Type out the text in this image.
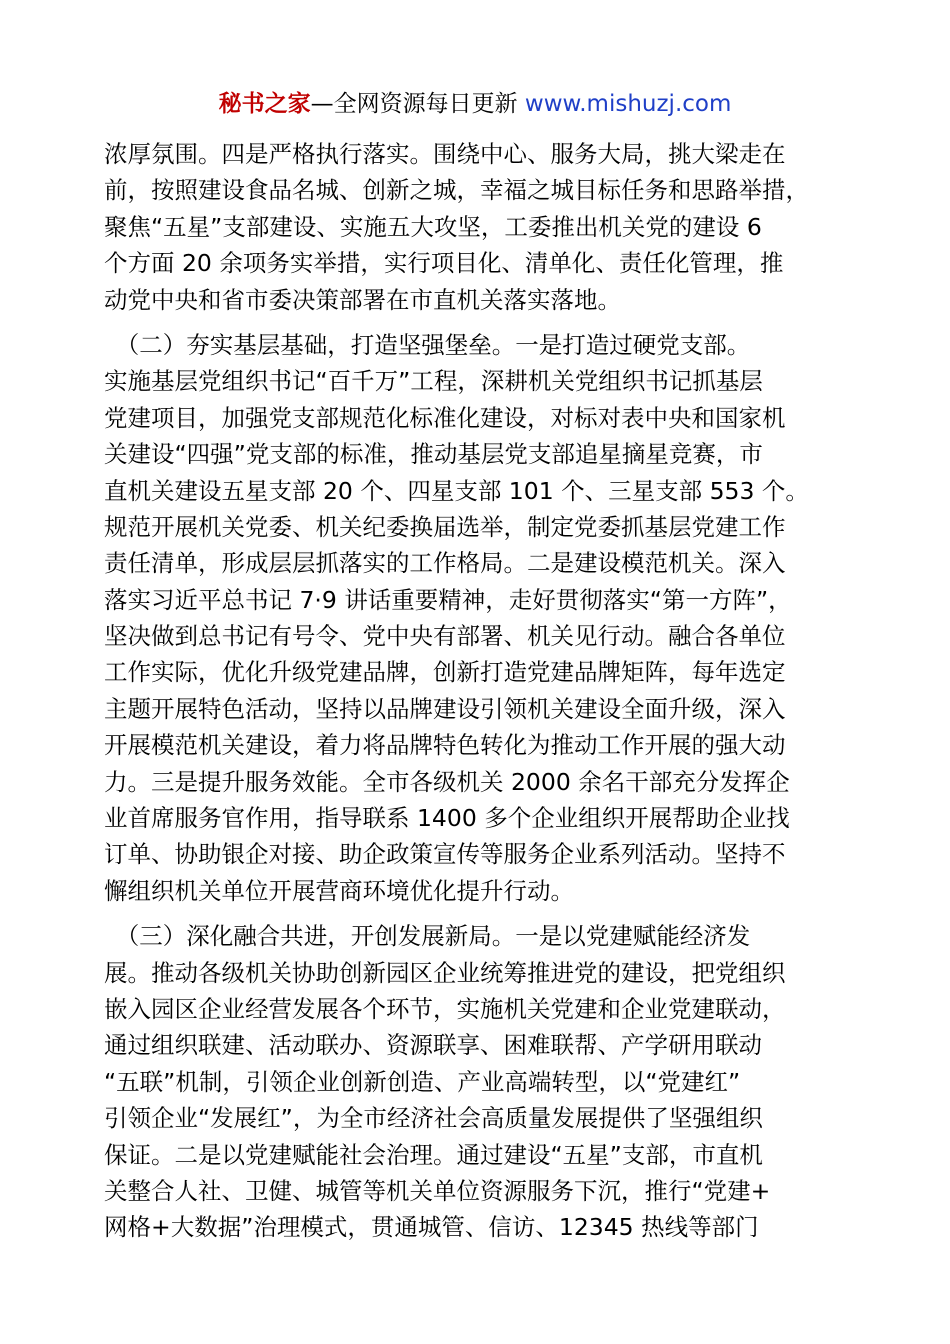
秘书之家—全网资源每日更新 www.mishuzj.com
浓厚氛围。四是严格执行落实。围绕中心、服务大局，挑大梁走在
前，按照建设食品名城、创新之城，幸福之城目标任务和思路举措，
聚焦“五星”支部建设、实施五大攻坚，工委推出机关党的建设 6
个方面 20 余项务实举措，实行项目化、清单化、责任化管理，推
动党中央和省市委决策部署在市直机关落实落地。
　（二）夯实基层基础，打造坚强堡垒。一是打造过硬党支部。
实施基层党组织书记“百千万”工程，深耕机关党组织书记抓基层
党建项目，加强党支部规范化标准化建设，对标对表中央和国家机
关建设“四强”党支部的标准，推动基层党支部追星摘星竞赛，市
直机关建设五星支部 20 个、四星支部 101 个、三星支部 553 个。
规范开展机关党委、机关纪委换届选举，制定党委抓基层党建工作
责任清单，形成层层抓落实的工作格局。二是建设模范机关。深入
落实习近平总书记 7·9 讲话重要精神，走好贯彻落实“第一方阵”，
坚决做到总书记有号令、党中央有部署、机关见行动。融合各单位
工作实际，优化升级党建品牌，创新打造党建品牌矩阵，每年选定
主题开展特色活动，坚持以品牌建设引领机关建设全面升级，深入
开展模范机关建设，着力将品牌特色转化为推动工作开展的强大动
力。三是提升服务效能。全市各级机关 2000 余名干部充分发挥企
业首席服务官作用，指导联系 1400 多个企业组织开展帮助企业找
订单、协助银企对接、助企政策宣传等服务企业系列活动。坚持不
懈组织机关单位开展营商环境优化提升行动。
　（三）深化融合共进，开创发展新局。一是以党建赋能经济发
展。推动各级机关协助创新园区企业统筹推进党的建设，把党组织
嵌入园区企业经营发展各个环节，实施机关党建和企业党建联动，
通过组织联建、活动联办、资源联享、困难联帮、产学研用联动
“五联”机制，引领企业创新创造、产业高端转型，以“党建红”
引领企业“发展红”，为全市经济社会高质量发展提供了坚强组织
保证。二是以党建赋能社会治理。通过建设“五星”支部，市直机
关整合人社、卫健、城管等机关单位资源服务下沉，推行“党建+
网格+大数据”治理模式，贯通城管、信访、12345 热线等部门
